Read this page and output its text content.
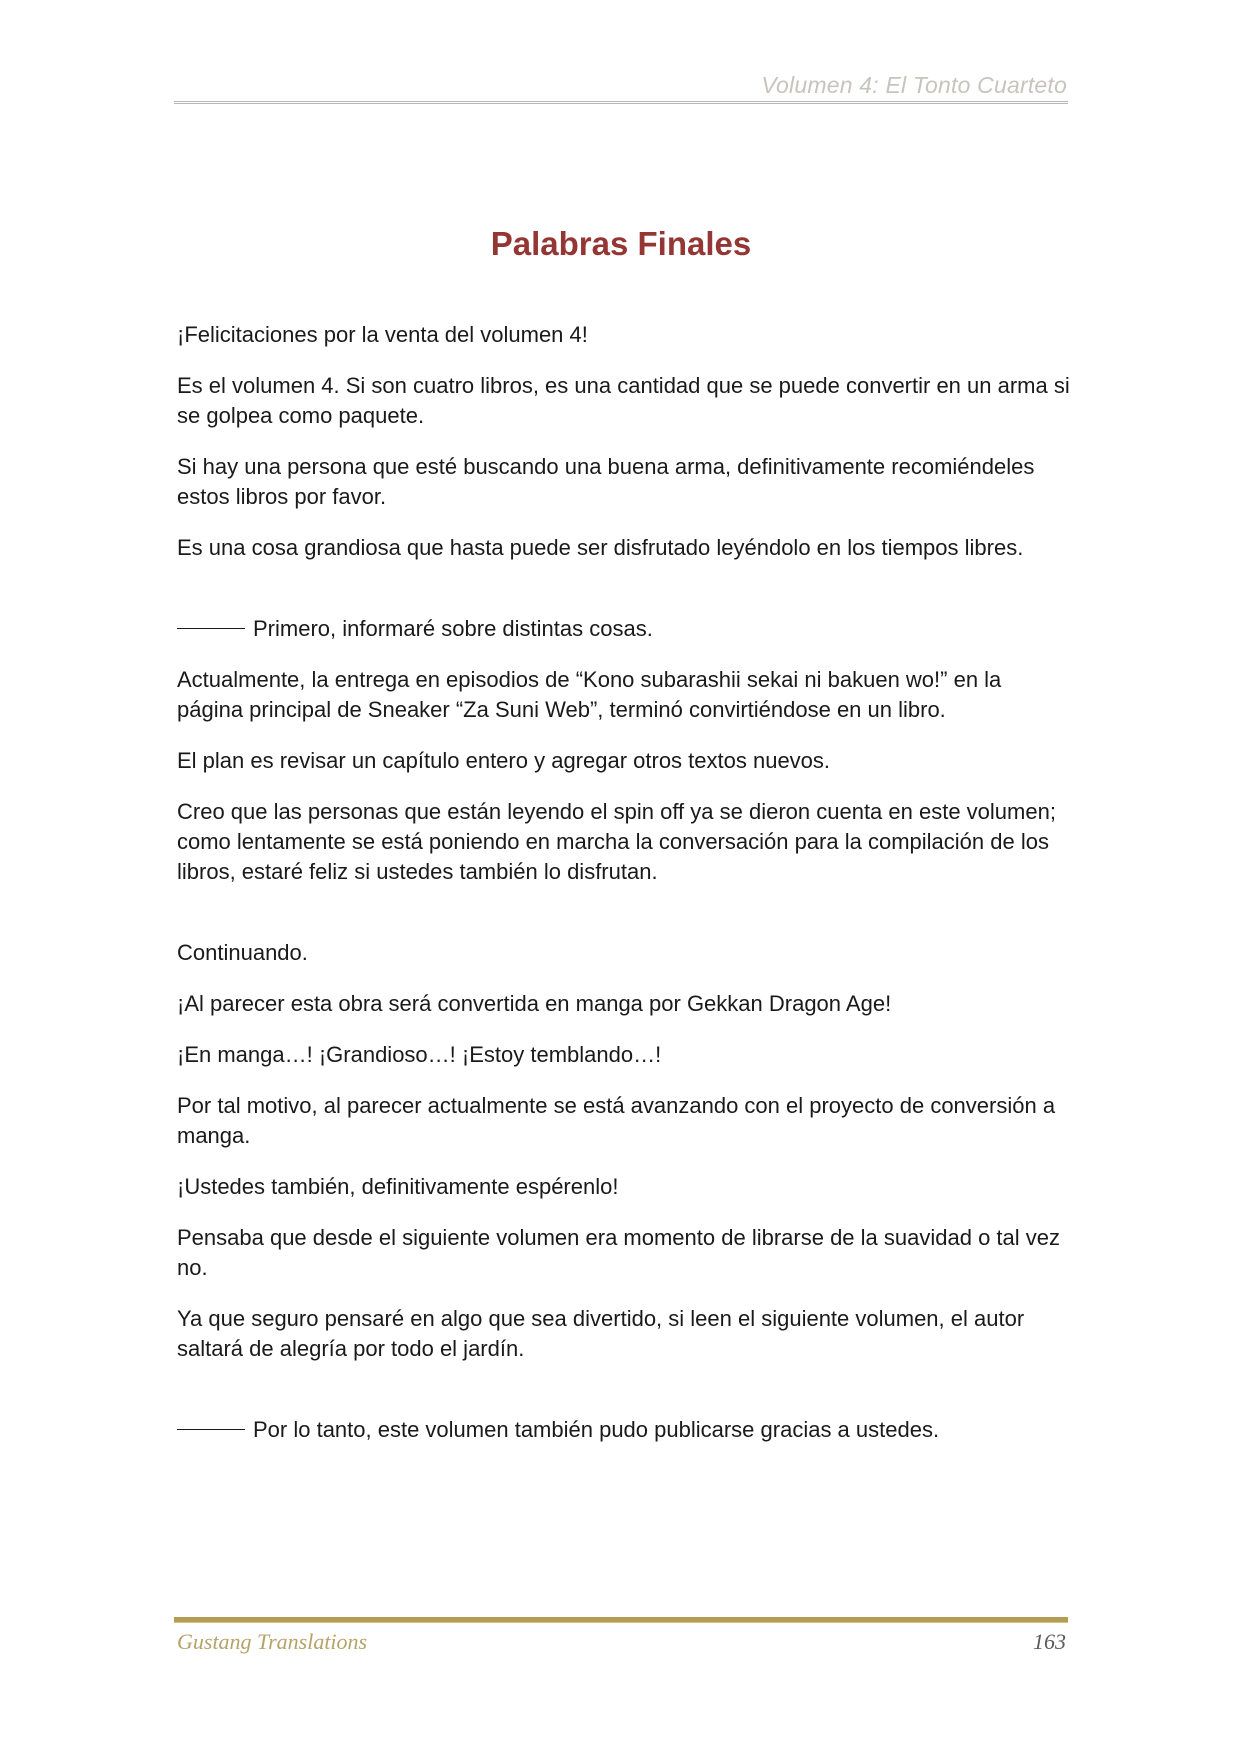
Volumen 4: El Tonto Cuarteto
Palabras Finales

¡Felicitaciones por la venta del volumen 4!

Es el volumen 4. Si son cuatro libros, es una cantidad que se puede convertir en un arma si se golpea como paquete.

Si hay una persona que esté buscando una buena arma, definitivamente recomiéndeles estos libros por favor.

Es una cosa grandiosa que hasta puede ser disfrutado leyéndolo en los tiempos libres.

Primero, informaré sobre distintas cosas.

Actualmente, la entrega en episodios de “Kono subarashii sekai ni bakuen wo!” en la página principal de Sneaker “Za Suni Web”, terminó convirtiéndose en un libro.

El plan es revisar un capítulo entero y agregar otros textos nuevos.

Creo que las personas que están leyendo el spin off ya se dieron cuenta en este volumen; como lentamente se está poniendo en marcha la conversación para la compilación de los libros, estaré feliz si ustedes también lo disfrutan.

Continuando.

¡Al parecer esta obra será convertida en manga por Gekkan Dragon Age!

¡En manga…! ¡Grandioso…! ¡Estoy temblando…!

Por tal motivo, al parecer actualmente se está avanzando con el proyecto de conversión a manga.

¡Ustedes también, definitivamente espérenlo!

Pensaba que desde el siguiente volumen era momento de librarse de la suavidad o tal vez no.

Ya que seguro pensaré en algo que sea divertido, si leen el siguiente volumen, el autor saltará de alegría por todo el jardín.

Por lo tanto, este volumen también pudo publicarse gracias a ustedes.

Gustang Translations	163
